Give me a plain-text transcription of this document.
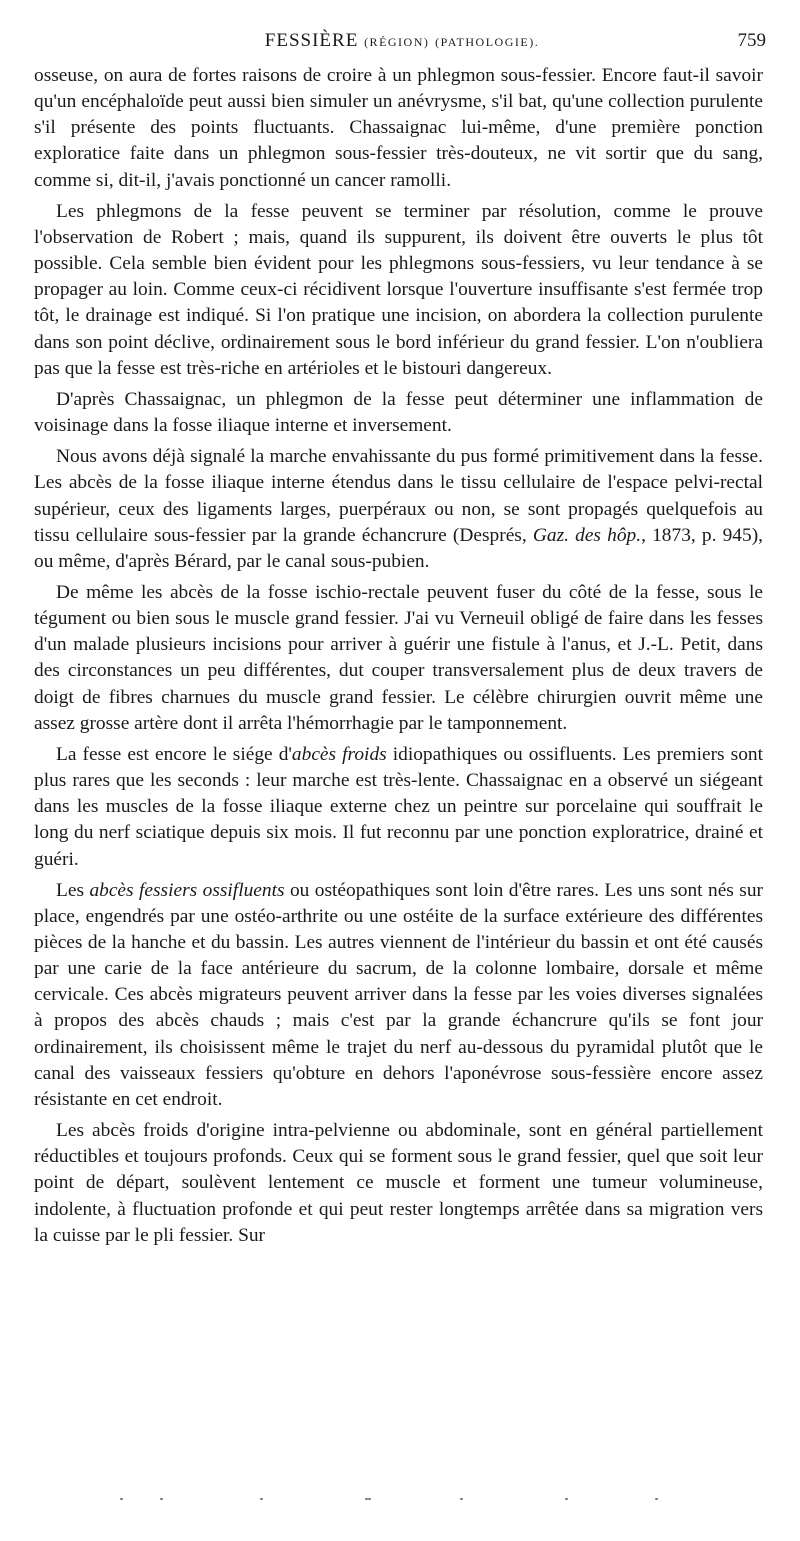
FESSIÈRE (RÉGION) (PATHOLOGIE).	759

osseuse, on aura de fortes raisons de croire à un phlegmon sous-fessier. Encore faut-il savoir qu'un encéphaloïde peut aussi bien simuler un anévrysme, s'il bat, qu'une collection purulente s'il présente des points fluctuants. Chassaignac lui-même, d'une première ponction exploratice faite dans un phlegmon sous-fessier très-douteux, ne vit sortir que du sang, comme si, dit-il, j'avais ponctionné un cancer ramolli.

Les phlegmons de la fesse peuvent se terminer par résolution, comme le prouve l'observation de Robert ; mais, quand ils suppurent, ils doivent être ouverts le plus tôt possible. Cela semble bien évident pour les phlegmons sous-fessiers, vu leur tendance à se propager au loin. Comme ceux-ci récidivent lorsque l'ouverture insuffisante s'est fermée trop tôt, le drainage est indiqué. Si l'on pratique une incision, on abordera la collection purulente dans son point déclive, ordinairement sous le bord inférieur du grand fessier. L'on n'oubliera pas que la fesse est très-riche en artérioles et le bistouri dangereux.

D'après Chassaignac, un phlegmon de la fesse peut déterminer une inflammation de voisinage dans la fosse iliaque interne et inversement.

Nous avons déjà signalé la marche envahissante du pus formé primitivement dans la fesse. Les abcès de la fosse iliaque interne étendus dans le tissu cellulaire de l'espace pelvi-rectal supérieur, ceux des ligaments larges, puerpéraux ou non, se sont propagés quelquefois au tissu cellulaire sous-fessier par la grande échancrure (Després, Gaz. des hôp., 1873, p. 945), ou même, d'après Bérard, par le canal sous-pubien.

De même les abcès de la fosse ischio-rectale peuvent fuser du côté de la fesse, sous le tégument ou bien sous le muscle grand fessier. J'ai vu Verneuil obligé de faire dans les fesses d'un malade plusieurs incisions pour arriver à guérir une fistule à l'anus, et J.-L. Petit, dans des circonstances un peu différentes, dut couper transversalement plus de deux travers de doigt de fibres charnues du muscle grand fessier. Le célèbre chirurgien ouvrit même une assez grosse artère dont il arrêta l'hémorrhagie par le tamponnement.

La fesse est encore le siége d'abcès froids idiopathiques ou ossifluents. Les premiers sont plus rares que les seconds : leur marche est très-lente. Chassaignac en a observé un siégeant dans les muscles de la fosse iliaque externe chez un peintre sur porcelaine qui souffrait le long du nerf sciatique depuis six mois. Il fut reconnu par une ponction exploratrice, drainé et guéri.

Les abcès fessiers ossifluents ou ostéopathiques sont loin d'être rares. Les uns sont nés sur place, engendrés par une ostéo-arthrite ou une ostéite de la surface extérieure des différentes pièces de la hanche et du bassin. Les autres viennent de l'intérieur du bassin et ont été causés par une carie de la face antérieure du sacrum, de la colonne lombaire, dorsale et même cervicale. Ces abcès migrateurs peuvent arriver dans la fesse par les voies diverses signalées à propos des abcès chauds ; mais c'est par la grande échancrure qu'ils se font jour ordinairement, ils choisissent même le trajet du nerf au-dessous du pyramidal plutôt que le canal des vaisseaux fessiers qu'obture en dehors l'aponévrose sous-fessière encore assez résistante en cet endroit.

Les abcès froids d'origine intra-pelvienne ou abdominale, sont en général partiellement réductibles et toujours profonds. Ceux qui se forment sous le grand fessier, quel que soit leur point de départ, soulèvent lentement ce muscle et forment une tumeur volumineuse, indolente, à fluctuation profonde et qui peut rester longtemps arrêtée dans sa migration vers la cuisse par le pli fessier. Sur
